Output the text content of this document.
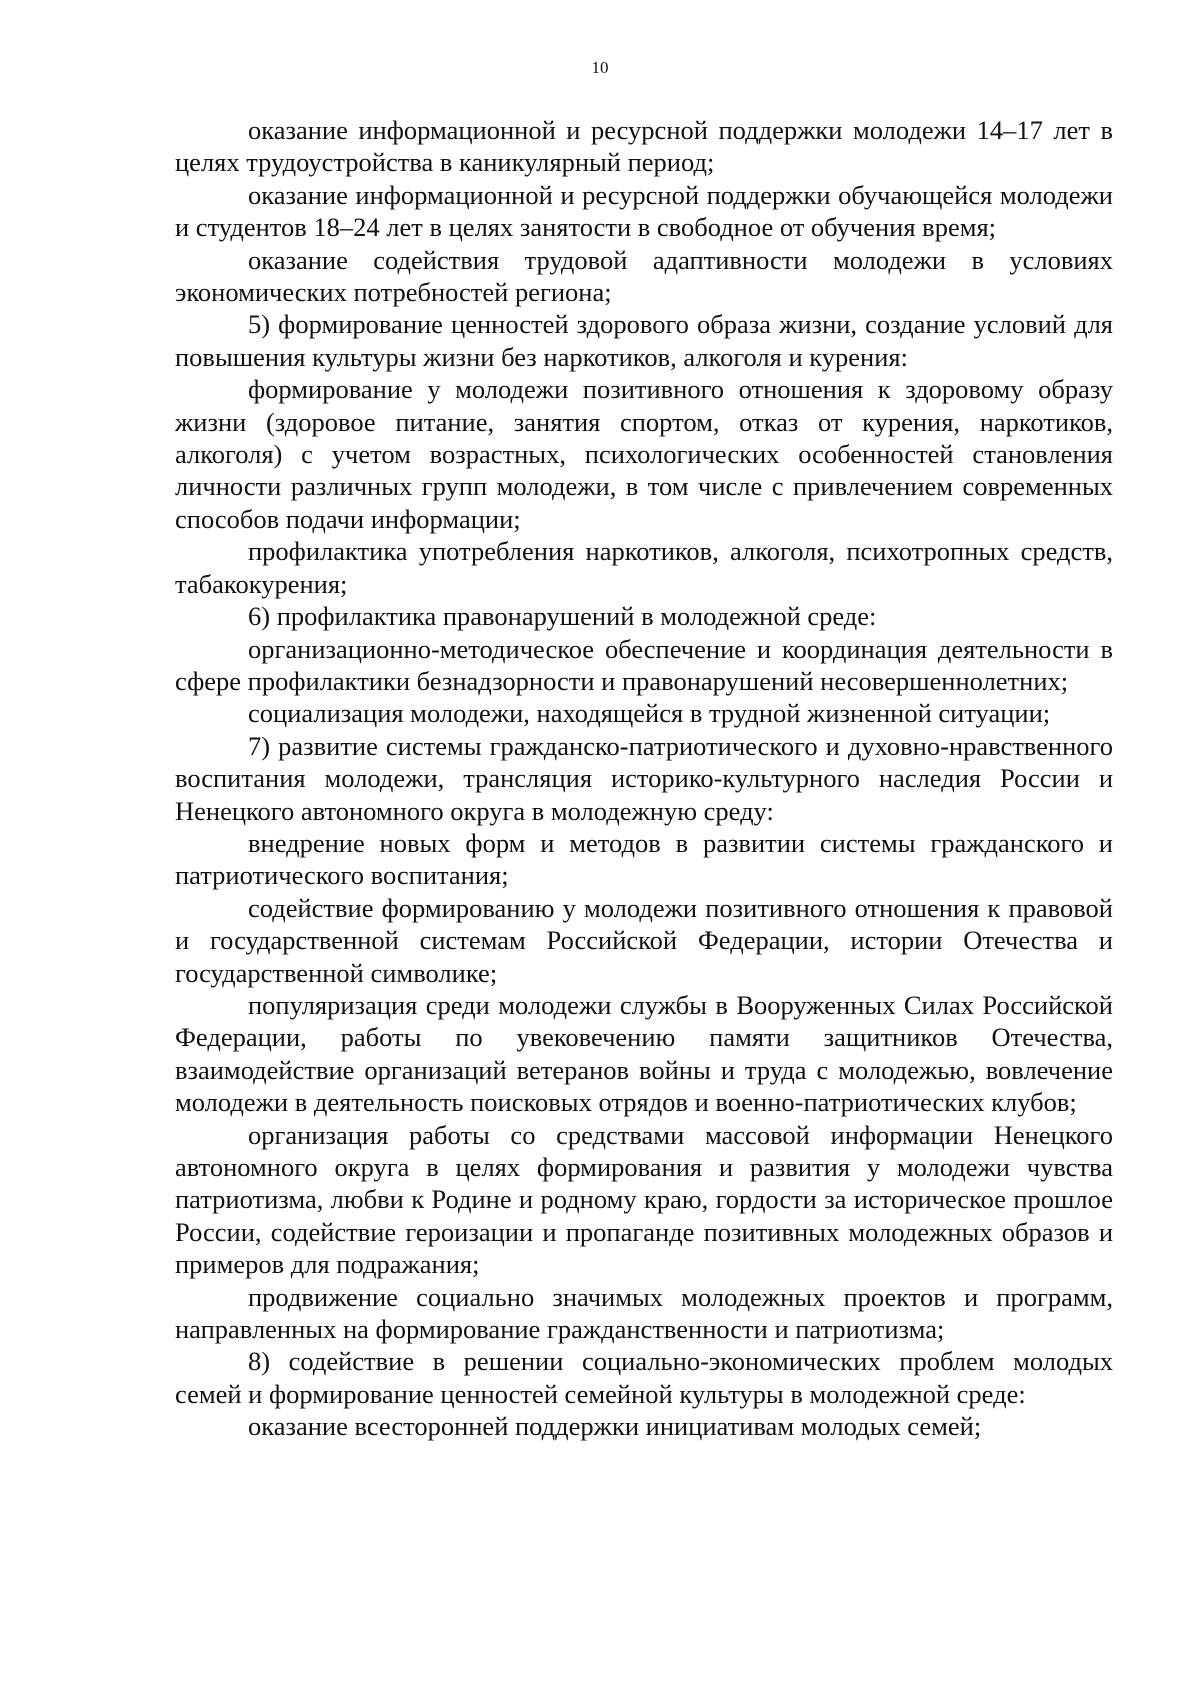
10

оказание информационной и ресурсной поддержки молодежи 14–17 лет в целях трудоустройства в каникулярный период;

оказание информационной и ресурсной поддержки обучающейся молодежи и студентов 18–24 лет в целях занятости в свободное от обучения время;

оказание содействия трудовой адаптивности молодежи в условиях экономических потребностей региона;

5) формирование ценностей здорового образа жизни, создание условий для повышения культуры жизни без наркотиков, алкоголя и курения:

формирование у молодежи позитивного отношения к здоровому образу жизни (здоровое питание, занятия спортом, отказ от курения, наркотиков, алкоголя) с учетом возрастных, психологических особенностей становления личности различных групп молодежи, в том числе с привлечением современных способов подачи информации;

профилактика употребления наркотиков, алкоголя, психотропных средств, табакокурения;

6) профилактика правонарушений в молодежной среде:

организационно-методическое обеспечение и координация деятельности в сфере профилактики безнадзорности и правонарушений несовершеннолетних;

социализация молодежи, находящейся в трудной жизненной ситуации;

7) развитие системы гражданско-патриотического и духовно-нравственного воспитания молодежи, трансляция историко-культурного наследия России и Ненецкого автономного округа в молодежную среду:

внедрение новых форм и методов в развитии системы гражданского и патриотического воспитания;

содействие формированию у молодежи позитивного отношения к правовой и государственной системам Российской Федерации, истории Отечества и государственной символике;

популяризация среди молодежи службы в Вооруженных Силах Российской Федерации, работы по увековечению памяти защитников Отечества, взаимодействие организаций ветеранов войны и труда с молодежью, вовлечение молодежи в деятельность поисковых отрядов и военно-патриотических клубов;

организация работы со средствами массовой информации Ненецкого автономного округа в целях формирования и развития у молодежи чувства патриотизма, любви к Родине и родному краю, гордости за историческое прошлое России, содействие героизации и пропаганде позитивных молодежных образов и примеров для подражания;

продвижение социально значимых молодежных проектов и программ, направленных на формирование гражданственности и патриотизма;

8) содействие в решении социально-экономических проблем молодых семей и формирование ценностей семейной культуры в молодежной среде:

оказание всесторонней поддержки инициативам молодых семей;
